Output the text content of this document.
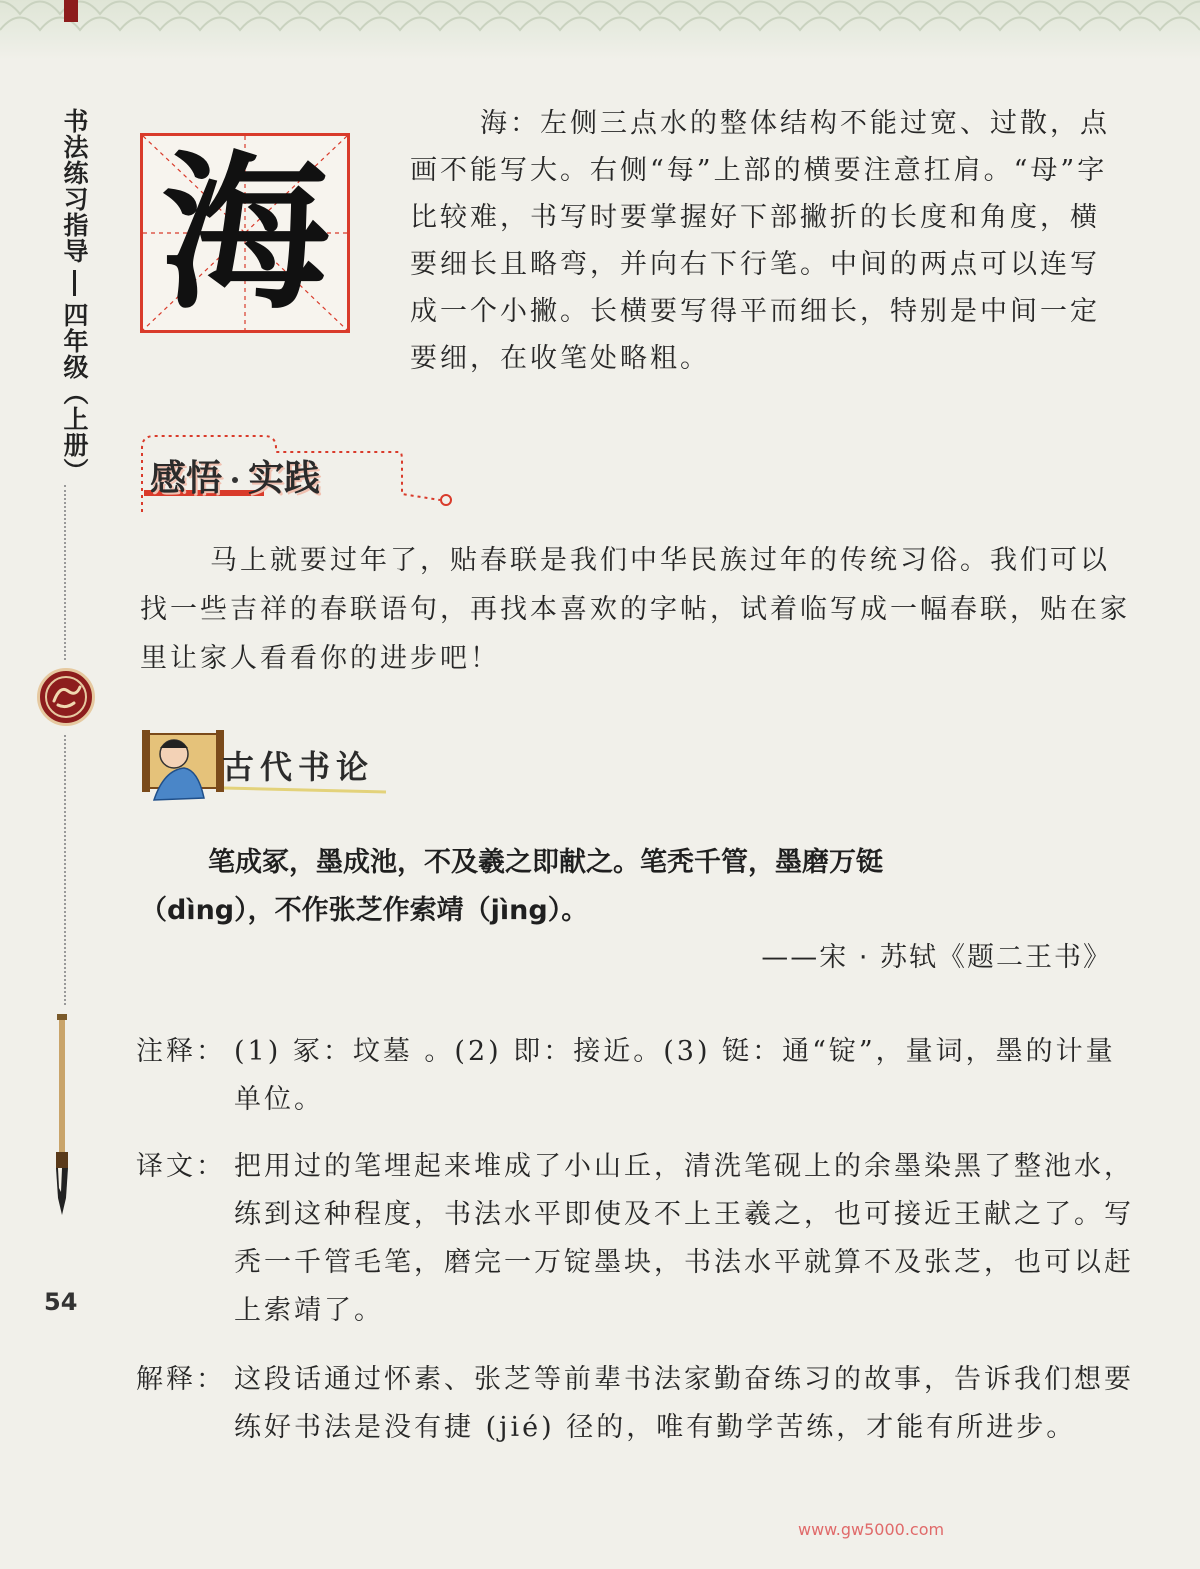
书法练习指导四年级（上册）
54
海
海：左侧三点水的整体结构不能过宽、过散，点画不能写大。右侧“每”上部的横要注意扛肩。“母”字比较难，书写时要掌握好下部撇折的长度和角度，横要细长且略弯，并向右下行笔。中间的两点可以连写成一个小撇。长横要写得平而细长，特别是中间一定要细，在收笔处略粗。
感悟 实践
马上就要过年了，贴春联是我们中华民族过年的传统习俗。我们可以找一些吉祥的春联语句，再找本喜欢的字帖，试着临写成一幅春联，贴在家里让家人看看你的进步吧！
古代书论
笔成冢，墨成池，不及羲之即献之。笔秃千管，墨磨万铤
（dìng），不作张芝作索靖（jìng）。
——宋 · 苏轼《题二王书》
注释： (1) 冢：坟墓 。(2) 即：接近。(3) 铤：通“锭”，量词，墨的计量单位。
译文： 把用过的笔埋起来堆成了小山丘，清洗笔砚上的余墨染黑了整池水，练到这种程度，书法水平即使及不上王羲之，也可接近王献之了。写秃一千管毛笔，磨完一万锭墨块，书法水平就算不及张芝，也可以赶上索靖了。
解释： 这段话通过怀素、张芝等前辈书法家勤奋练习的故事，告诉我们想要练好书法是没有捷 (jié) 径的，唯有勤学苦练，才能有所进步。
www.gw5000.com
